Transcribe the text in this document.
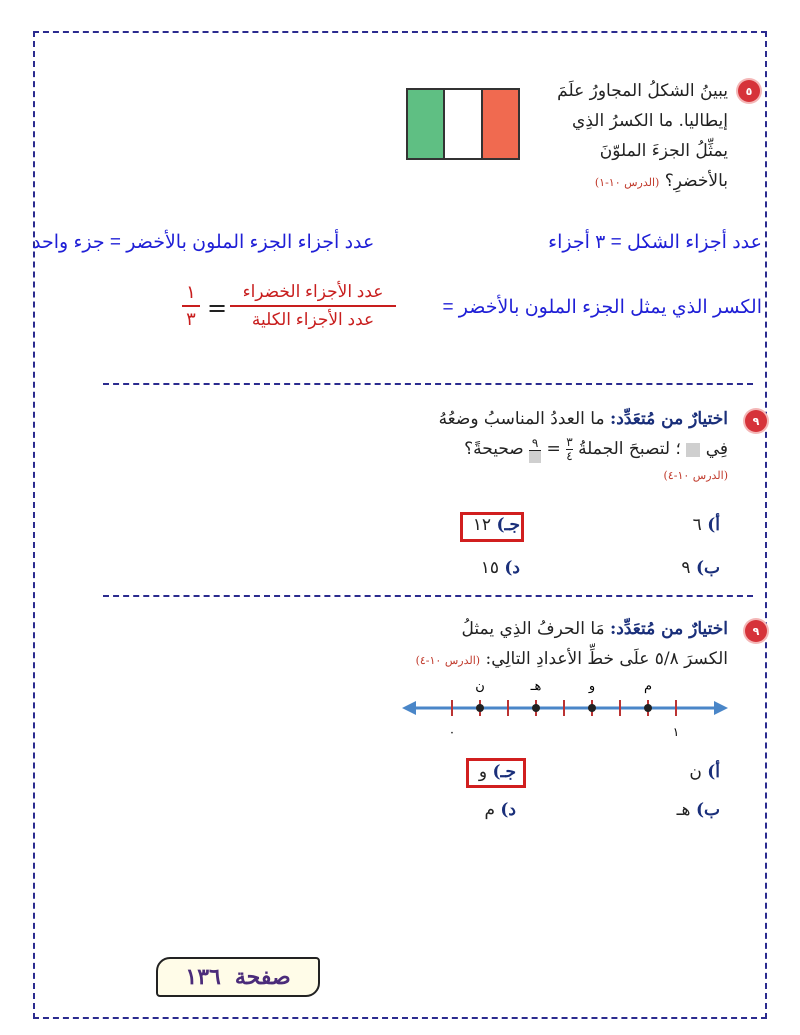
٥
يبينُ الشكلُ المجاورُ علَمَ
إيطاليا. ما الكسرُ الذِي
يمثِّلُ الجزءَ الملوّنَ
بالأخضرِ؟ (الدرس ١٠-١)
عدد أجزاء الشكل = ٣ أجزاء
عدد أجزاء الجزء الملون بالأخضر = جزء واحد
الكسر الذي يمثل الجزء الملون بالأخضر =
عدد الأجزاء الخضراء
عدد الأجزاء الكلية
=
١
٣
٩
اختيارٌ من مُتعَدِّد: ما العددُ المناسبُ وضعُهُ
فِي  ؛ لتصبحَ الجملةُ ٣
٤ = ٩
صحيحةً؟
(الدرس ١٠-٤)
أ) ٦
جـ) ١٢
ب) ٩
د) ١٥
٩
اختيارٌ من مُتعَدِّد: مَا الحرفُ الذِي يمثلُ
الكسرَ ٥/٨ علَى خطِّ الأعدادِ التالِي: (الدرس ١٠-٤)
ن	هـ	و	م
٠	١
أ) ن
جـ) و
ب) هـ
د) م
صفحة
١٣٦
